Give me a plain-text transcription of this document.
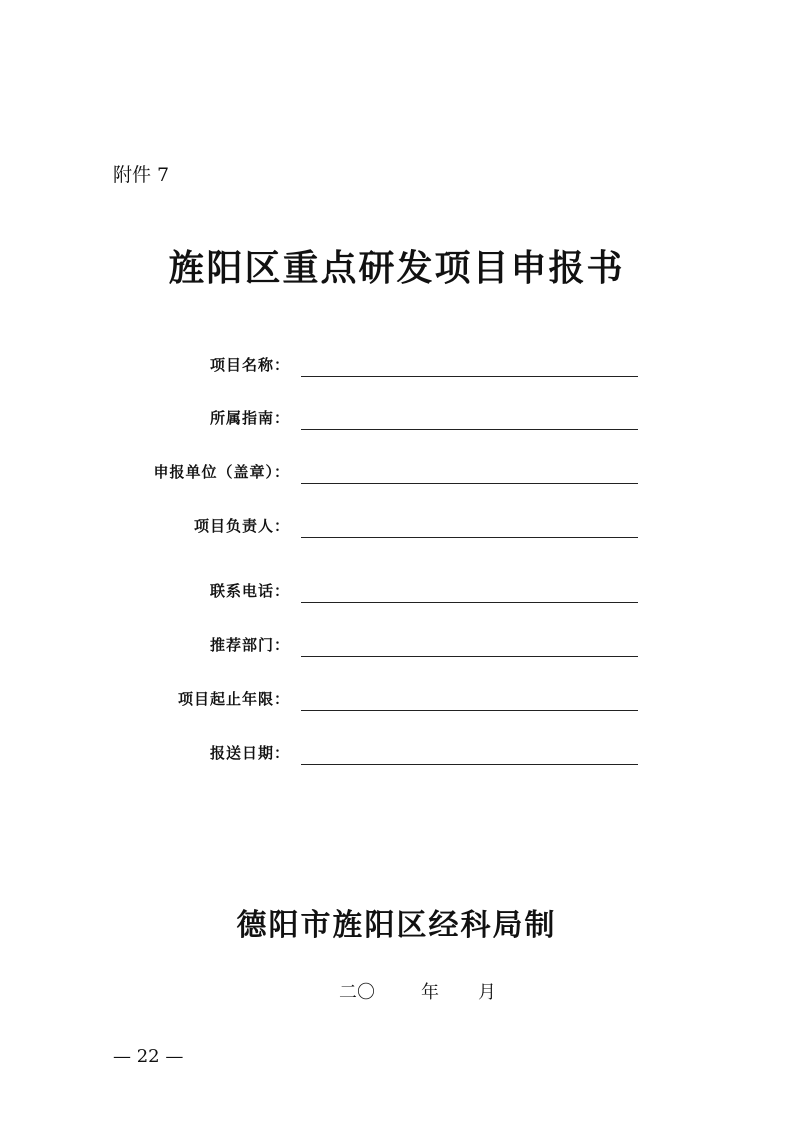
附件 7
旌阳区重点研发项目申报书
项目名称：
所属指南：
申报单位（盖章）：
项目负责人：
联系电话：
推荐部门：
项目起止年限：
报送日期：
德阳市旌阳区经科局制
二〇	年 月
— 22 —
